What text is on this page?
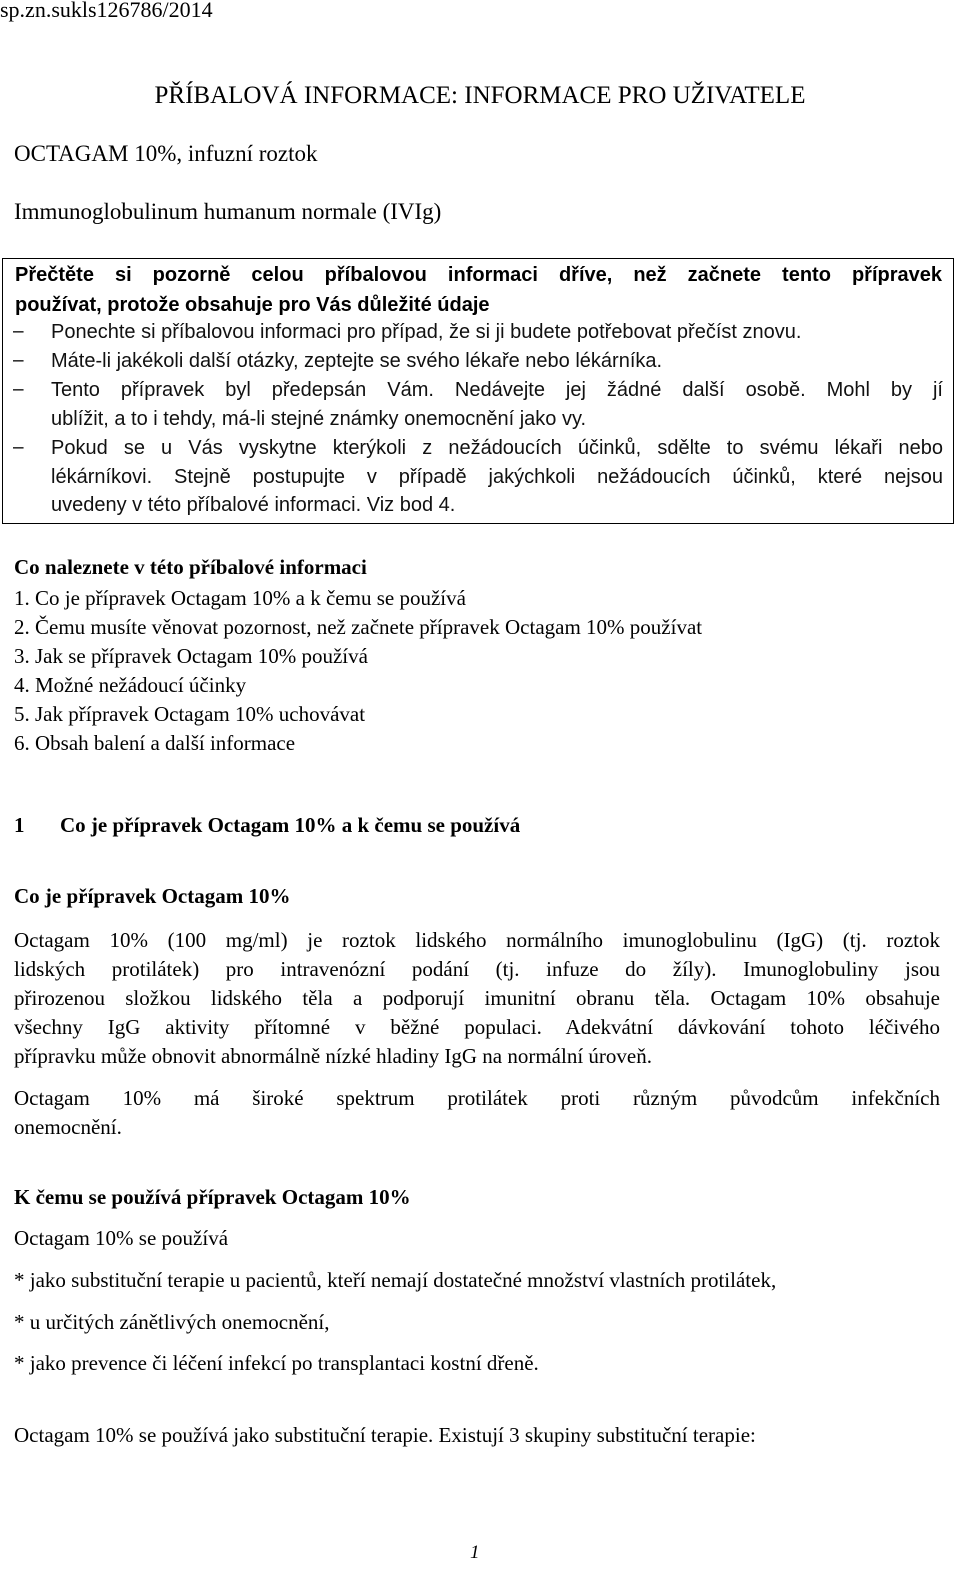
sp.zn.sukls126786/2014
PŘÍBALOVÁ INFORMACE: INFORMACE PRO UŽIVATELE
OCTAGAM 10%, infuzní roztok
Immunoglobulinum humanum normale (IVIg)
Přečtěte si pozorně celou příbalovou informaci dříve, než začnete tento přípravek
používat, protože obsahuje pro Vás důležité údaje
– Ponechte si příbalovou informaci pro případ, že si ji budete potřebovat přečíst znovu.
– Máte-li jakékoli další otázky, zeptejte se svého lékaře nebo lékárníka.
– Tento přípravek byl předepsán Vám. Nedávejte jej žádné další osobě. Mohl by jí
ublížit, a to i tehdy, má-li stejné známky onemocnění jako vy.
– Pokud se u Vás vyskytne kterýkoli z nežádoucích účinků, sdělte to svému lékaři nebo
lékárníkovi. Stejně postupujte v případě jakýchkoli nežádoucích účinků, které nejsou
uvedeny v této příbalové informaci. Viz bod 4.
Co naleznete v této příbalové informaci
1. Co je přípravek Octagam 10% a k čemu se používá
2. Čemu musíte věnovat pozornost, než začnete přípravek Octagam 10% používat
3. Jak se přípravek Octagam 10% používá
4. Možné nežádoucí účinky
5. Jak přípravek Octagam 10% uchovávat
6. Obsah balení a další informace
1 Co je přípravek Octagam 10% a k čemu se používá
Co je přípravek Octagam 10%
Octagam 10% (100 mg/ml) je roztok lidského normálního imunoglobulinu (IgG) (tj. roztok
lidských protilátek) pro intravenózní podání (tj. infuze do žíly). Imunoglobuliny jsou
přirozenou složkou lidského těla a podporují imunitní obranu těla. Octagam 10% obsahuje
všechny IgG aktivity přítomné v běžné populaci. Adekvátní dávkování tohoto léčivého
přípravku může obnovit abnormálně nízké hladiny IgG na normální úroveň.
Octagam 10% má široké spektrum protilátek proti různým původcům infekčních
onemocnění.
K čemu se používá přípravek Octagam 10%
Octagam 10% se používá
* jako substituční terapie u pacientů, kteří nemají dostatečné množství vlastních protilátek,
* u určitých zánětlivých onemocnění,
* jako prevence či léčení infekcí po transplantaci kostní dřeně.
Octagam 10% se používá jako substituční terapie. Existují 3 skupiny substituční terapie:
1
